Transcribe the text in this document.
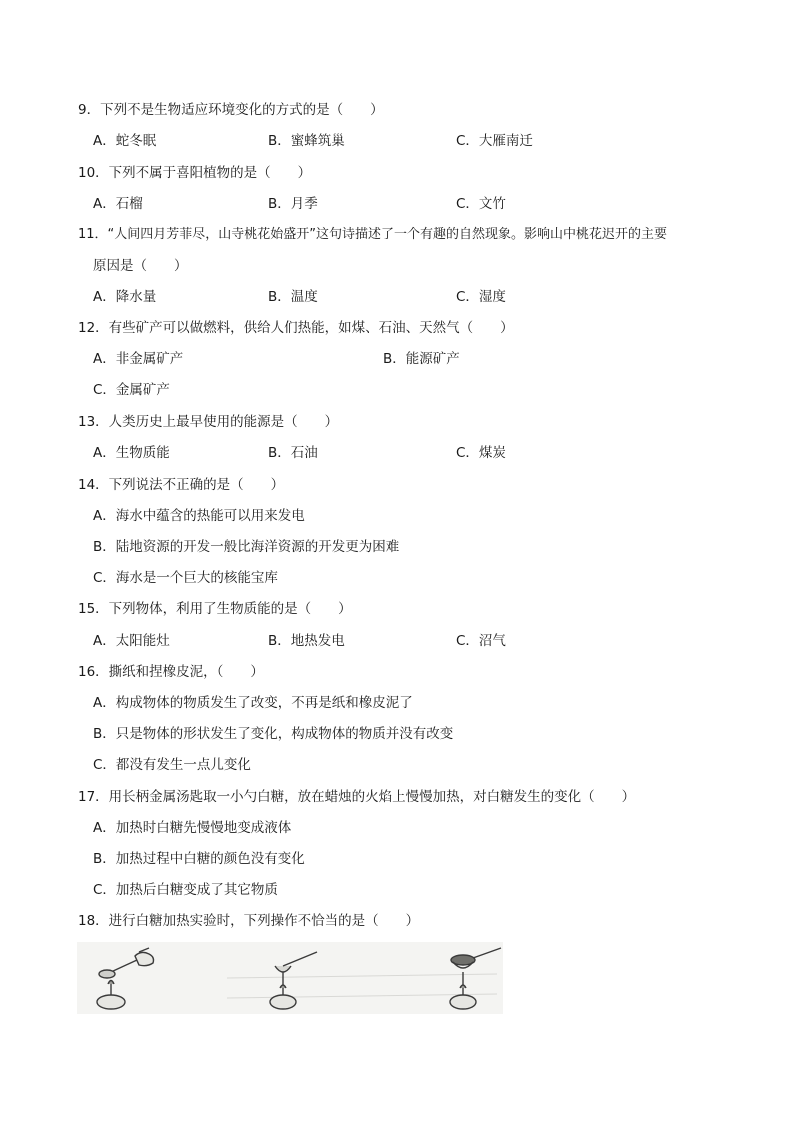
9．下列不是生物适应环境变化的方式的是（　　）
A．蛇冬眠	B．蜜蜂筑巢	C．大雁南迁
10．下列不属于喜阳植物的是（　　）
A．石榴	B．月季	C．文竹
11．“人间四月芳菲尽，山寺桃花始盛开”这句诗描述了一个有趣的自然现象。影响山中桃花迟开的主要
原因是（　　）
A．降水量	B．温度	C．湿度
12．有些矿产可以做燃料，供给人们热能，如煤、石油、天然气（　　）
A．非金属矿产	B．能源矿产
C．金属矿产
13．人类历史上最早使用的能源是（　　）
A．生物质能	B．石油	C．煤炭
14．下列说法不正确的是（　　）
A．海水中蕴含的热能可以用来发电
B．陆地资源的开发一般比海洋资源的开发更为困难
C．海水是一个巨大的核能宝库
15．下列物体，利用了生物质能的是（　　）
A．太阳能灶	B．地热发电	C．沼气
16．撕纸和捏橡皮泥，（　　）
A．构成物体的物质发生了改变，不再是纸和橡皮泥了
B．只是物体的形状发生了变化，构成物体的物质并没有改变
C．都没有发生一点儿变化
17．用长柄金属汤匙取一小勺白糖，放在蜡烛的火焰上慢慢加热，对白糖发生的变化（　　）
A．加热时白糖先慢慢地变成液体
B．加热过程中白糖的颜色没有变化
C．加热后白糖变成了其它物质
18．进行白糖加热实验时，下列操作不恰当的是（　　）
